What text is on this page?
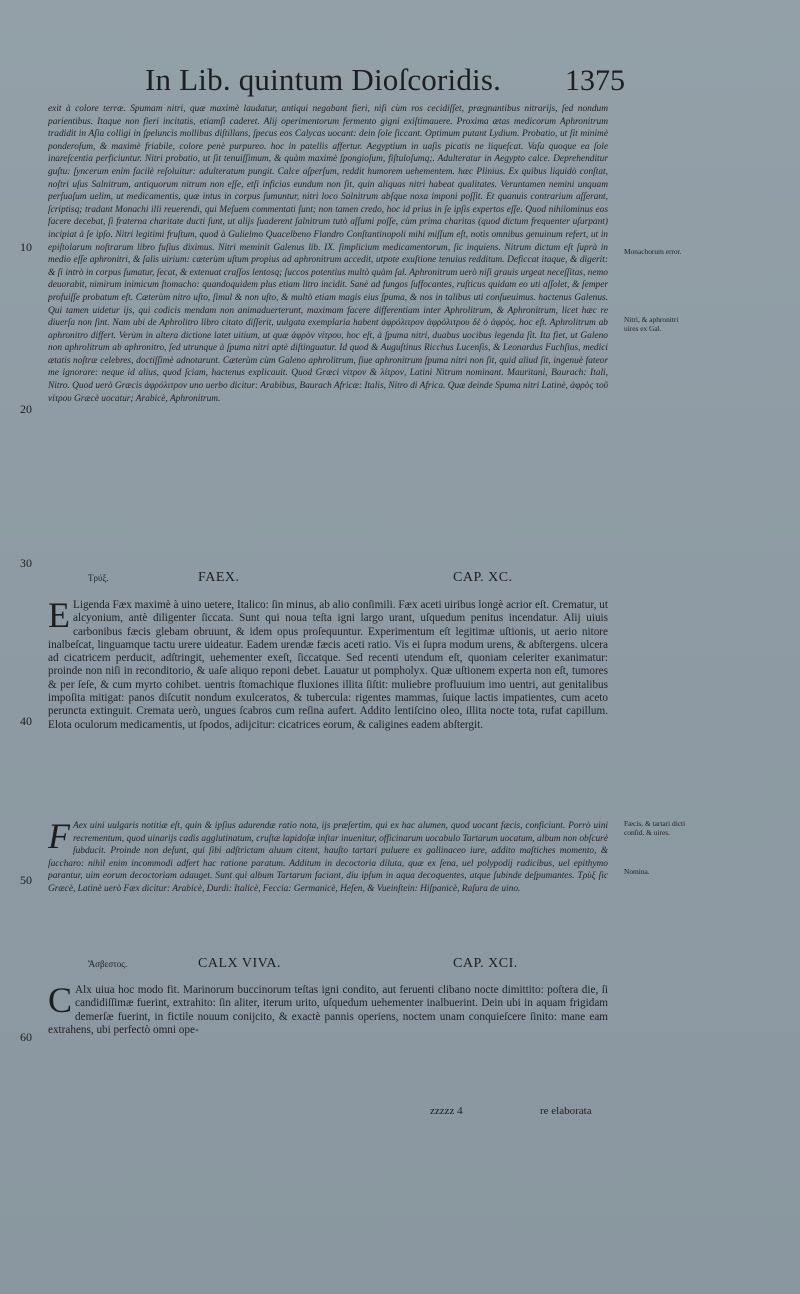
In Lib. quintum Dioſcoridis. 1375
10
20
30
40
50
60
exit à colore terræ. Spumam nitri, quæ maximè laudatur, antiqui negabant fieri, niſi cùm ros cecidiſſet, prægnantibus nitrarijs, ſed nondum parientibus. Itaque non fieri incitatis, etiamſi caderet. Alij operimentorum fermento gigni exiſtimauere. Proxima ætas medicorum Aphronitrum tradidit in Aſia colligi in ſpeluncis mollibus diſtillans, ſpecus eos Calycas uocant: dein ſole ſiccant. Optimum putant Lydium. Probatio, ut ſit minimè ponderoſum, & maximè friabile, colore penè purpureo. hoc in patellis affertur. Aegyptium in uaſis picatis ne liqueſcat. Vaſa quoque ea ſole inareſcentia perficiuntur. Nitri probatio, ut ſit tenuiſſimum, & quàm maximè ſpongioſum, fiſtuloſumq;. Adulteratur in Aegypto calce. Deprehenditur guſtu: ſyncerum enim facilè reſoluitur: adulteratum pungit. Calce aſperſum, reddit humorem uehementem. hæc Plinius. Ex quibus liquidò conſtat, noſtri uſus Salnitrum, antiquorum nitrum non eſſe, etſi inficias eundum non ſit, quin aliquas nitri habeat qualitates. Veruntamen nemini unquam perſuaſum uelim, ut medicamentis, quæ intus in corpus ſumuntur, nitri loco Salnitrum abſque noxa imponi poſſit. Et quanuis contrarium aſſerant, ſcriptisq; tradant Monachi illi reuerendi, qui Meſuem commentati ſunt; non tamen credo, hoc id prius in ſe ipſis expertos eſſe. Quod nihilominus eos facere decebat, ſi fraterna charitate ducti ſunt, ut alijs ſuaderent ſalnitrum tutò aſſumi poſſe, cùm prima charitas (quod dictum frequenter uſurpant) incipiat à ſe ipſo. Nitri legitimi fruſtum, quod à Gulielmo Quacelbeno Flandro Conſtantinopoli mihi miſſum eſt, notis omnibus genuinum refert, ut in epiſtolarum noſtrarum libro fuſius diximus. Nitri meminit Galenus lib. IX. ſimplicium medicamentorum, ſic inquiens. Nitrum dictum eſt ſuprà in medio eſſe aphronitri, & ſalis uirium: cæterùm uſtum propius ad aphronitrum accedit, utpote exuſtione tenuius redditum. Deficcat itaque, & digerit: & ſi intrò in corpus ſumatur, ſecat, & extenuat craſſos lentosq; ſuccos potentius multò quàm ſal. Aphronitrum uerò niſi grauis urgeat neceſſitas, nemo deuorabit, nimirum inimicum ſtomacho: quandoquidem plus etiam litro incidit. Sanè ad fungos ſuffocantes, ruſticus quidam eo uti aſſolet, & ſemper profuiſſe probatum eſt. Cæterùm nitro uſto, ſimul & non uſto, & multò etiam magis eius ſpuma, & nos in talibus uti conſueuimus. hactenus Galenus. Qui tamen uidetur ijs, qui codicis mendam non animaduerterunt, maximam facere differentiam inter Aphrolitrum, & Aphronitrum, licet hæc re diuerſa non ſint. Nam ubi de Aphrolitro libro citato diſſerit, uulgata exemplaria habent ἀφρόλιτρον ἀφρόλιτρου δὲ ὁ ἀφρὸς. hoc eſt. Aphrolitrum ab aphronitro differt. Verùm in altera dictione latet uitium, ut quæ ἀφρὸν νίτρου, hoc eſt, à ſpuma nitri, duabus uocibus legenda ſit. Ita fiet, ut Galeno non aphrolitrum ab aphronitro, ſed utrunque à ſpuma nitri aptè diſtinguatur. Id quod & Auguſtinus Ricchus Lucenſis, & Leonardus Fuchſius, medici ætatis noſtræ celebres, doctiſſimè adnotarunt. Cæterùm cùm Galeno aphrolitrum, ſiue aphronitrum ſpuma nitri non ſit, quid aliud ſit, ingenuè fateor me ignorare: neque id alius, quod ſciam, hactenus explicauit. Quod Græci νίτρον & λίτρον, Latini Nitrum nominant. Mauritani, Baurach: Itali, Nitro. Quod uerò Græcis ἀφρόλιτρον uno uerbo dicitur: Arabibus, Baurach Africæ: Italis, Nitro di Africa. Quæ deinde Spuma nitri Latinè, ἀφρὸς τοῦ νίτρου Græcè uocatur; Arabicè, Aphronitrum.
Monachorum error.
Nitri, & aphronitri uires ex Gal.
Fæcis, & tartari dicti conſid. & uires.
Nomina.
Τρύξ.	FAEX.	CAP. XC.
E Ligenda Fæx maximè à uino uetere, Italico: ſin minus, ab alio conſimili. Fæx aceti uiribus longè acrior eſt. Crematur, ut alcyonium, antè diligenter ſiccata. Sunt qui noua teſta igni largo urant, uſquedum penitus incendatur. Alij uiuis carbonibus fæcis glebam obruunt, & idem opus proſequuntur. Experimentum eſt legitimæ uſtionis, ut aerio nitore inalbeſcat, linguamque tactu urere uideatur. Eadem urendæ fæcis aceti ratio. Vis ei ſupra modum urens, & abſtergens. ulcera ad cicatricem perducit, adſtringit, uehementer exeſt, ſiccatque. Sed recenti utendum eſt, quoniam celeriter exanimatur: proinde non niſi in reconditorio, & uaſe aliquo reponi debet. Lauatur ut pompholyx. Quæ uſtionem experta non eſt, tumores & per ſeſe, & cum myrto cohibet. uentris ſtomachique fluxiones illita ſiſtit: muliebre profluuium imo uentri, aut genitalibus impoſita mitigat: panos diſcutit nondum exulceratos, & tubercula: rigentes mammas, ſuique lactis impatientes, cum aceto peruncta extinguit. Cremata uerò, ungues ſcabros cum reſina aufert. Addito lentiſcino oleo, illita nocte tota, rufat capillum. Elota oculorum medicamentis, ut ſpodos, adijcitur: cicatrices eorum, & caligines eadem abſtergit.
F Aex uini uulgaris notitiæ eſt, quin & ipſius adurendæ ratio nota, ijs præſertim, qui ex hac alumen, quod uocant fæcis, conficiunt. Porrò uini recrementum, quod uinarijs cadis agglutinatum, cruſtæ lapidoſæ inſtar inuenitur, officinarum uocabulo Tartarum uocatum, album non obſcurè ſubducit. Proinde non deſunt, qui ſibi adſtrictam aluum citent, hauſto tartari puluere ex gallinaceo iure, addito maſtiches momento, & ſaccharo: nihil enim incommodi adfert hac ratione paratum. Additum in decoctoria diluta, quæ ex ſena, uel polypodij radicibus, uel epithymo parantur, uim eorum decoctoriam adauget. Sunt qui album Tartarum faciant, diu ipſum in aqua decoquentes, atque ſubinde deſpumantes. Τρὺξ ſic Græcè, Latinè uerò Fæx dicitur: Arabicè, Durdi: Italicè, Feccia: Germanicè, Heſen, & Vueinſtein: Hiſpanicè, Raſura de uino.
Ἄσβεστος.	CALX VIVA.	CAP. XCI.
C Alx uiua hoc modo fit. Marinorum buccinorum teſtas igni condito, aut feruenti clibano nocte dimittito: poſtera die, ſi candidiſſimæ fuerint, extrahito: ſin aliter, iterum urito, uſquedum uehementer inalbuerint. Dein ubi in aquam frigidam demerſæ fuerint, in fictile nouum conijcito, & exactè pannis operiens, noctem unam conquieſcere ſinito: mane eam extrahens, ubi perfectò omni ope-
zzzzz 4	re elaborata
